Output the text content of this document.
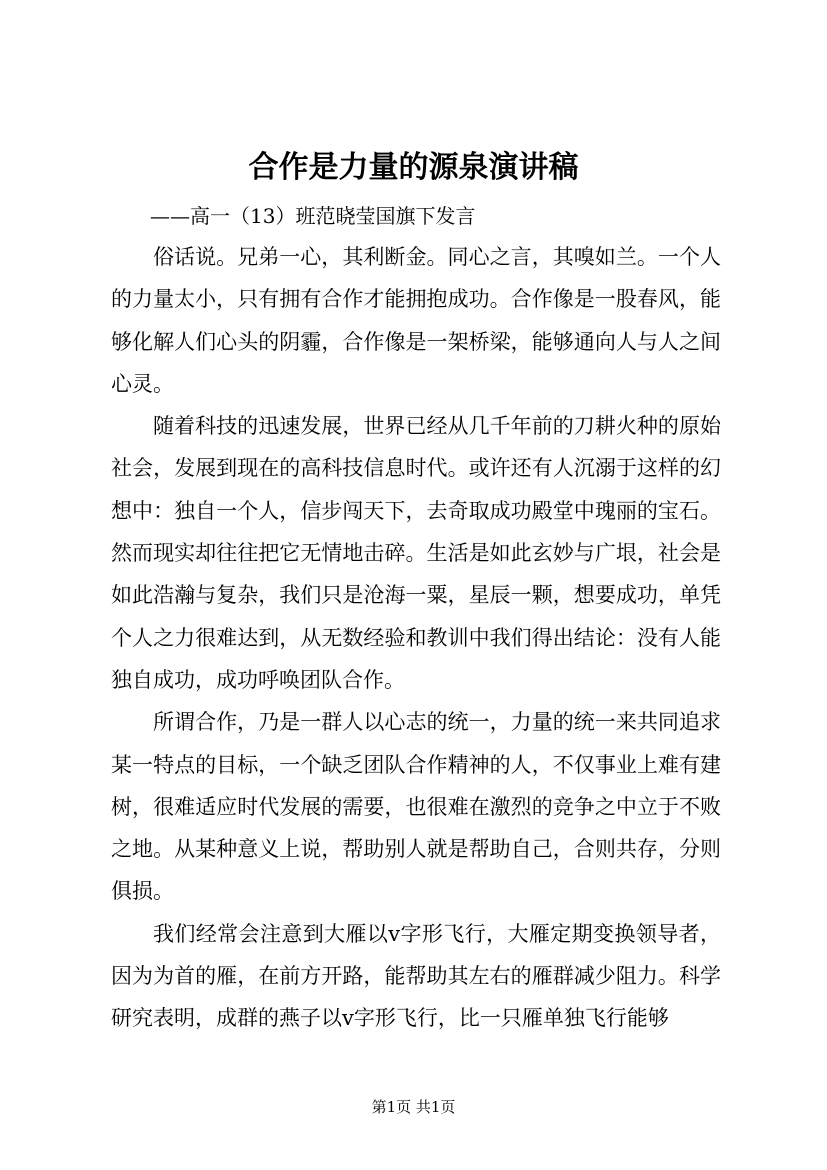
合作是力量的源泉演讲稿
——高一（13）班范晓莹国旗下发言

俗话说。兄弟一心，其利断金。同心之言，其嗅如兰。一个人的力量太小，只有拥有合作才能拥抱成功。合作像是一股春风，能够化解人们心头的阴霾，合作像是一架桥梁，能够通向人与人之间心灵。

随着科技的迅速发展，世界已经从几千年前的刀耕火种的原始社会，发展到现在的高科技信息时代。或许还有人沉溺于这样的幻想中：独自一个人，信步闯天下，去奇取成功殿堂中瑰丽的宝石。然而现实却往往把它无情地击碎。生活是如此玄妙与广垠，社会是如此浩瀚与复杂，我们只是沧海一粟，星辰一颗，想要成功，单凭个人之力很难达到，从无数经验和教训中我们得出结论：没有人能独自成功，成功呼唤团队合作。

所谓合作，乃是一群人以心志的统一，力量的统一来共同追求某一特点的目标，一个缺乏团队合作精神的人，不仅事业上难有建树，很难适应时代发展的需要，也很难在激烈的竞争之中立于不败之地。从某种意义上说，帮助别人就是帮助自己，合则共存，分则俱损。

我们经常会注意到大雁以v字形飞行，大雁定期变换领导者，因为为首的雁，在前方开路，能帮助其左右的雁群减少阻力。科学研究表明，成群的燕子以v字形飞行，比一只雁单独飞行能够

第1页 共1页
